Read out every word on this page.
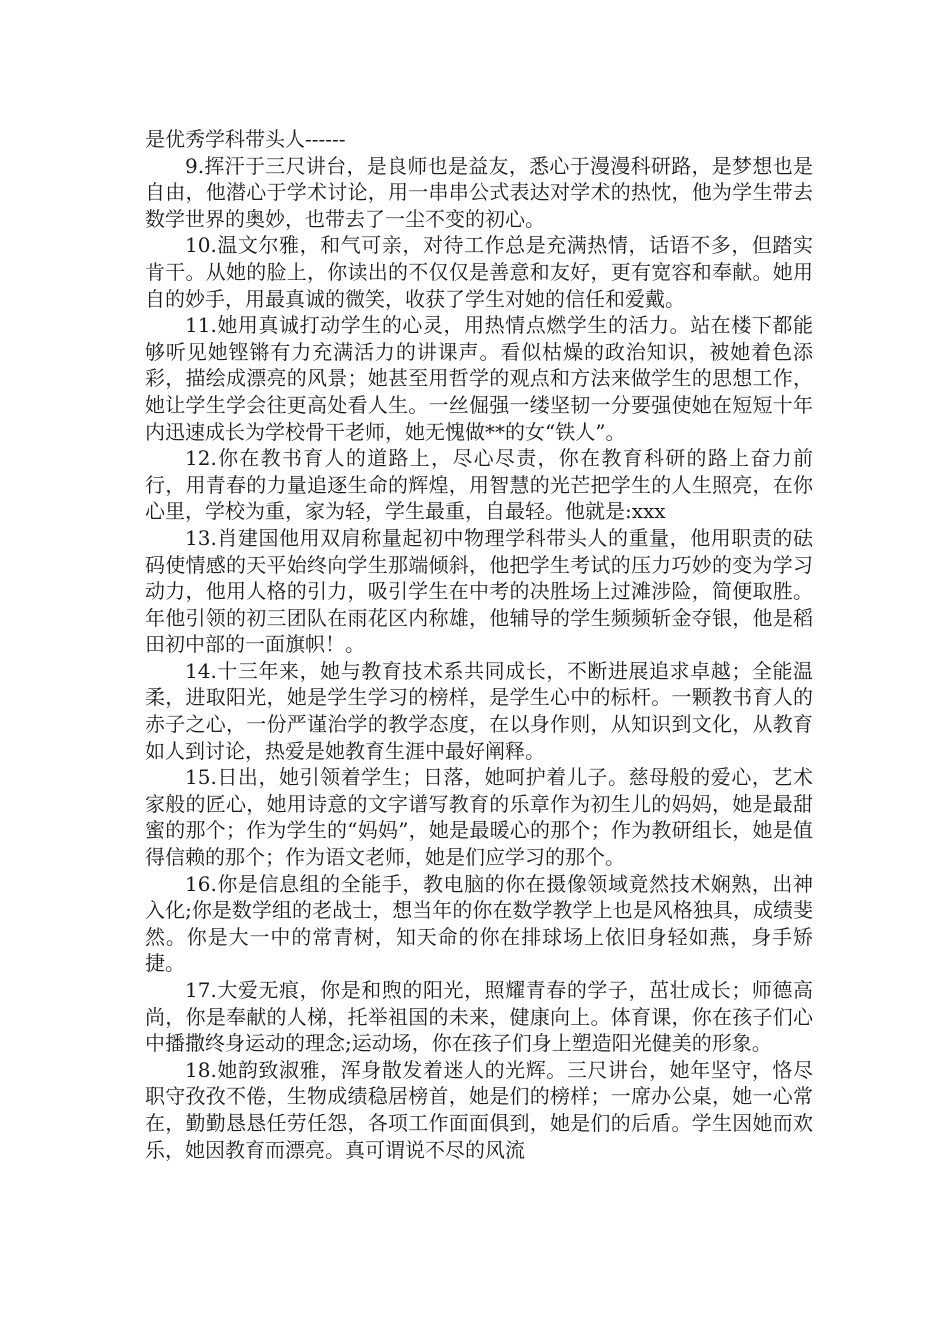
是优秀学科带头人------

9.挥汗于三尺讲台，是良师也是益友，悉心于漫漫科研路，是梦想也是自由，他潜心于学术讨论，用一串串公式表达对学术的热忱，他为学生带去数学世界的奥妙，也带去了一尘不变的初心。

10.温文尔雅，和气可亲，对待工作总是充满热情，话语不多，但踏实肯干。从她的脸上，你读出的不仅仅是善意和友好，更有宽容和奉献。她用自的妙手，用最真诚的微笑，收获了学生对她的信任和爱戴。

11.她用真诚打动学生的心灵，用热情点燃学生的活力。站在楼下都能够听见她铿锵有力充满活力的讲课声。看似枯燥的政治知识，被她着色添彩，描绘成漂亮的风景；她甚至用哲学的观点和方法来做学生的思想工作，她让学生学会往更高处看人生。一丝倔强一缕坚韧一分要强使她在短短十年内迅速成长为学校骨干老师，她无愧做**的女“铁人”。

12.你在教书育人的道路上，尽心尽责，你在教育科研的路上奋力前行，用青春的力量追逐生命的辉煌，用智慧的光芒把学生的人生照亮，在你心里，学校为重，家为轻，学生最重，自最轻。他就是:xxx

13.肖建国他用双肩称量起初中物理学科带头人的重量，他用职责的砝码使情感的天平始终向学生那端倾斜，他把学生考试的压力巧妙的变为学习动力，他用人格的引力，吸引学生在中考的决胜场上过滩涉险，简便取胜。年他引领的初三团队在雨花区内称雄，他辅导的学生频频斩金夺银，他是稻田初中部的一面旗帜！。

14.十三年来，她与教育技术系共同成长，不断进展追求卓越；全能温柔，进取阳光，她是学生学习的榜样，是学生心中的标杆。一颗教书育人的赤子之心，一份严谨治学的教学态度，在以身作则，从知识到文化，从教育如人到讨论，热爱是她教育生涯中最好阐释。

15.日出，她引领着学生；日落，她呵护着儿子。慈母般的爱心，艺术家般的匠心，她用诗意的文字谱写教育的乐章作为初生儿的妈妈，她是最甜蜜的那个；作为学生的“妈妈”，她是最暖心的那个；作为教研组长，她是值得信赖的那个；作为语文老师，她是们应学习的那个。

16.你是信息组的全能手，教电脑的你在摄像领域竟然技术娴熟，出神入化;你是数学组的老战士，想当年的你在数学教学上也是风格独具，成绩斐然。你是大一中的常青树，知天命的你在排球场上依旧身轻如燕，身手矫捷。

17.大爱无痕，你是和煦的阳光，照耀青春的学子，茁壮成长；师德高尚，你是奉献的人梯，托举祖国的未来，健康向上。体育课，你在孩子们心中播撒终身运动的理念;运动场，你在孩子们身上塑造阳光健美的形象。

18.她韵致淑雅，浑身散发着迷人的光辉。三尺讲台，她年坚守，恪尽职守孜孜不倦，生物成绩稳居榜首，她是们的榜样；一席办公桌，她一心常在，勤勤恳恳任劳任怨，各项工作面面俱到，她是们的后盾。学生因她而欢乐，她因教育而漂亮。真可谓说不尽的风流
